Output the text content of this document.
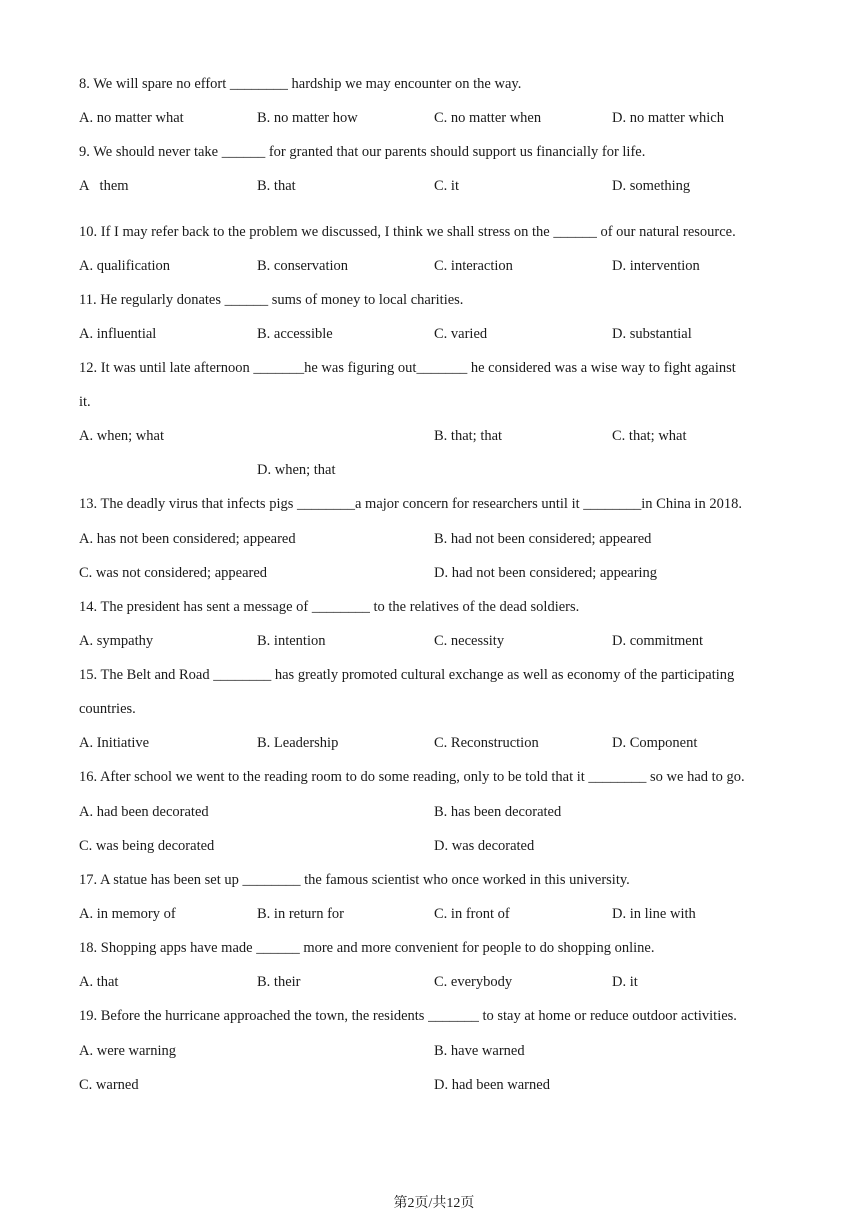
8. We will spare no effort ________ hardship we may encounter on the way.
A. no matter what	B. no matter how	C. no matter when	D. no matter which
9. We should never take ______ for granted that our parents should support us financially for life.
A   them	B. that	C. it	D. something
10. If I may refer back to the problem we discussed, I think we shall stress on the ______ of our natural resource.
A. qualification	B. conservation	C. interaction	D. intervention
11. He regularly donates ______ sums of money to local charities.
A. influential	B. accessible	C. varied	D. substantial
12. It was until late afternoon _______he was figuring out_______ he considered was a wise way to fight against
it.
A. when; what	B. that; that	C. that; what
D. when; that
13. The deadly virus that infects pigs ________a major concern for researchers until it ________in China in 2018.
A. has not been considered; appeared	B. had not been considered; appeared
C. was not considered; appeared	D. had not been considered; appearing
14. The president has sent a message of ________ to the relatives of the dead soldiers.
A. sympathy	B. intention	C. necessity	D. commitment
15. The Belt and Road ________ has greatly promoted cultural exchange as well as economy of the participating
countries.
A. Initiative	B. Leadership	C. Reconstruction	D. Component
16. After school we went to the reading room to do some reading, only to be told that it ________ so we had to go.
A. had been decorated	B. has been decorated
C. was being decorated	D. was decorated
17. A statue has been set up ________ the famous scientist who once worked in this university.
A. in memory of	B. in return for	C. in front of	D. in line with
18. Shopping apps have made ______ more and more convenient for people to do shopping online.
A. that	B. their	C. everybody	D. it
19. Before the hurricane approached the town, the residents _______ to stay at home or reduce outdoor activities.
A. were warning	B. have warned
C. warned	D. had been warned
第2页/共12页
